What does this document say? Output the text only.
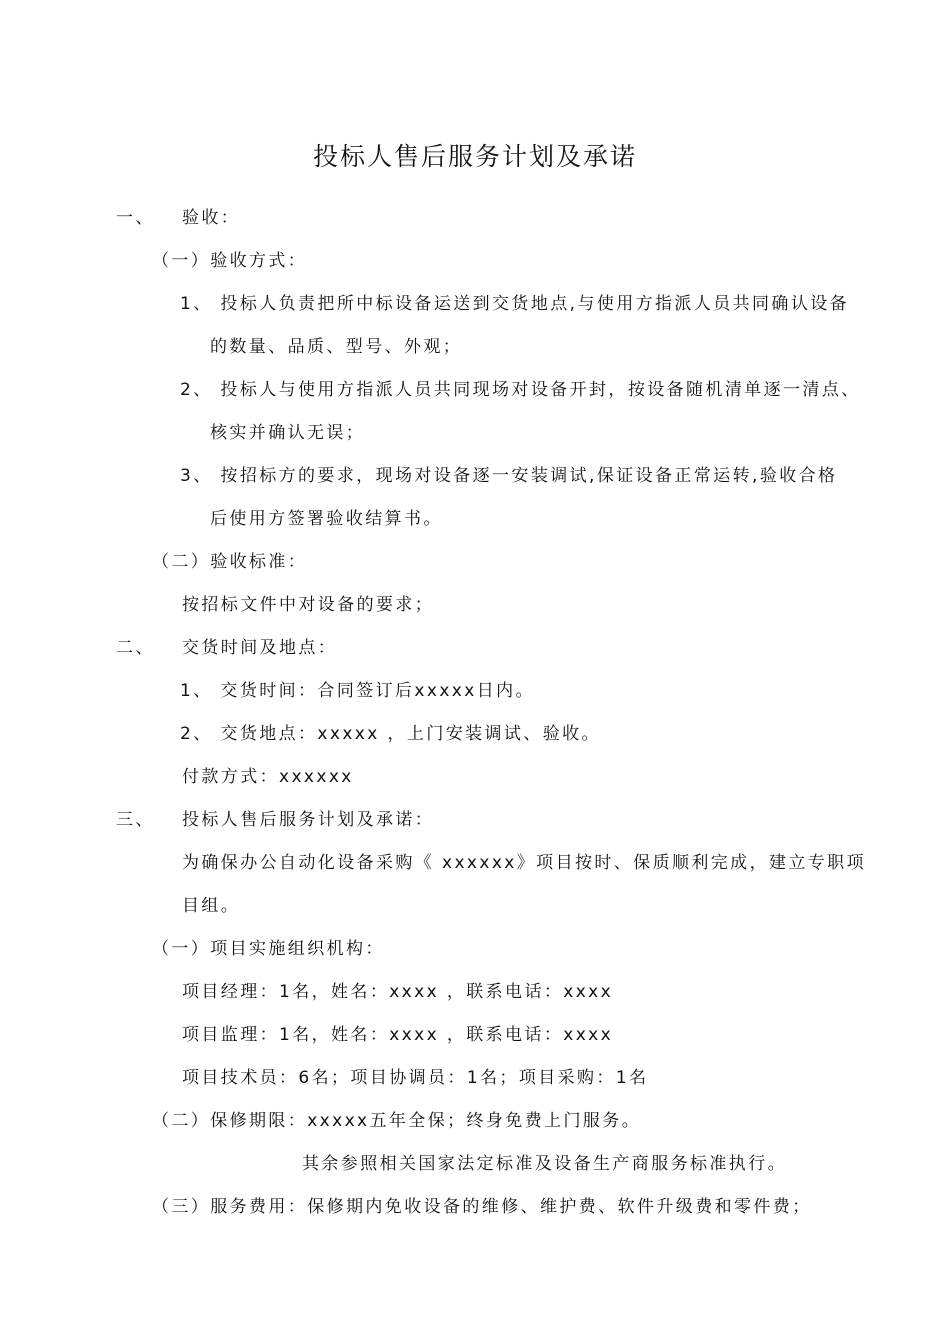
投标人售后服务计划及承诺
一、 验收：
（一）验收方式：
1、 投标人负责把所中标设备运送到交货地点,与使用方指派人员共同确认设备
的数量、品质、型号、外观；
2、 投标人与使用方指派人员共同现场对设备开封，按设备随机清单逐一清点、
核实并确认无误；
3、 按招标方的要求，现场对设备逐一安装调试,保证设备正常运转,验收合格
后使用方签署验收结算书。
（二）验收标准：
按招标文件中对设备的要求；
二、 交货时间及地点：
1、 交货时间：合同签订后xxxxx日内。
2、 交货地点：xxxxx ，上门安装调试、验收。
付款方式：xxxxxx
三、 投标人售后服务计划及承诺：
为确保办公自动化设备采购《 xxxxxx》项目按时、保质顺利完成，建立专职项
目组。
（一）项目实施组织机构：
项目经理：1名，姓名：xxxx ，联系电话：xxxx
项目监理：1名，姓名：xxxx ，联系电话：xxxx
项目技术员：6名；项目协调员：1名；项目采购：1名
（二）保修期限：xxxxx五年全保；终身免费上门服务。
其余参照相关国家法定标准及设备生产商服务标准执行。
（三）服务费用：保修期内免收设备的维修、维护费、软件升级费和零件费；
